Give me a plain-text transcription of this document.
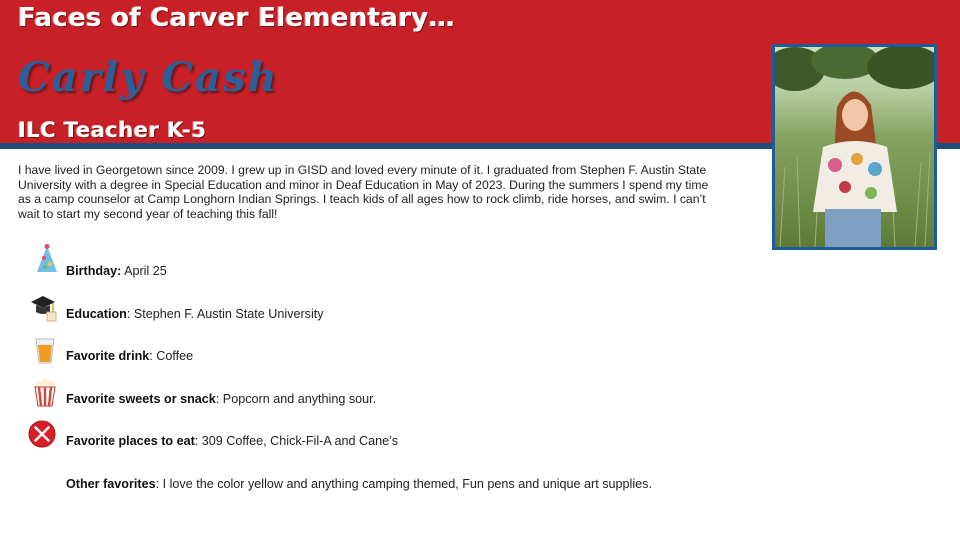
Faces of Carver Elementary…
Carly Cash
ILC Teacher K-5

I have lived in Georgetown since 2009. I grew up in GISD and loved every minute of it. I graduated from Stephen F. Austin State University with a degree in Special Education and minor in Deaf Education in May of 2023. During the summers I spend my time as a camp counselor at Camp Longhorn Indian Springs. I teach kids of all ages how to rock climb, ride horses, and swim. I can’t wait to start my second year of teaching this fall!

Birthday: April 25
Education: Stephen F. Austin State University
Favorite drink: Coffee
Favorite sweets or snack: Popcorn and anything sour.
Favorite places to eat: 309 Coffee, Chick-Fil-A and Cane’s
Other favorites: I love the color yellow and anything camping themed, Fun pens and unique art supplies.
